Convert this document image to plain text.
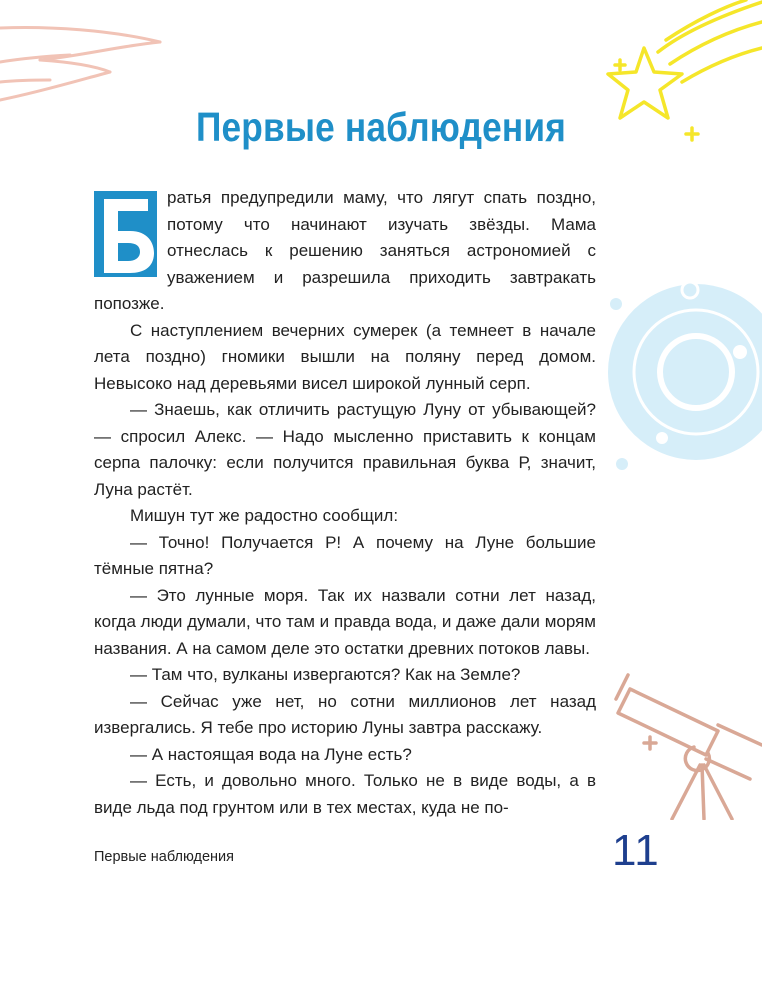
Первые наблюдения

ратья предупредили маму, что лягут спать поздно, потому что начинают изучать звёзды. Мама отнеслась к решению заняться астрономией с уважением и разрешила приходить завтракать попозже.

С наступлением вечерних сумерек (а темнеет в начале лета поздно) гномики вышли на поляну перед домом. Невысоко над деревьями висел широкой лунный серп.

— Знаешь, как отличить растущую Луну от убывающей? — спросил Алекс. — Надо мысленно приставить к концам серпа палочку: если получится правильная буква Р, значит, Луна растёт.

Мишун тут же радостно сообщил:

— Точно! Получается Р! А почему на Луне большие тёмные пятна?

— Это лунные моря. Так их назвали сотни лет назад, когда люди думали, что там и правда вода, и даже дали морям названия. А на самом деле это остатки древних потоков лавы.

— Там что, вулканы извергаются? Как на Земле?

— Сейчас уже нет, но сотни миллионов лет назад извергались. Я тебе про историю Луны завтра расскажу.

— А настоящая вода на Луне есть?

— Есть, и довольно много. Только не в виде воды, а в виде льда под грунтом или в тех местах, куда не по-

Первые наблюдения	11
